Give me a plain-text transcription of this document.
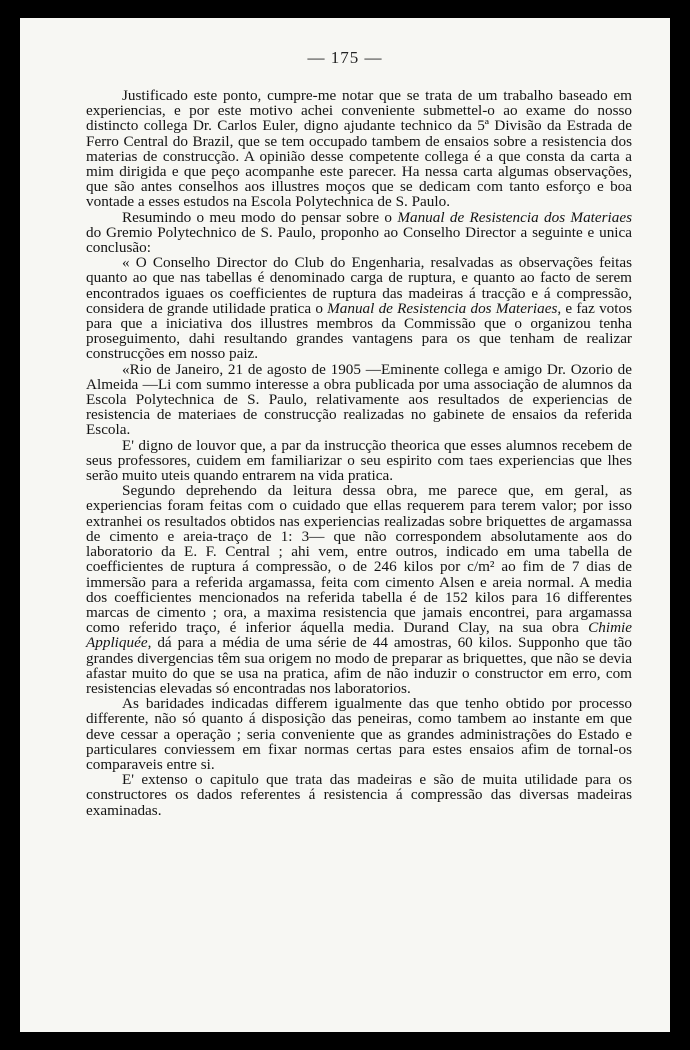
— 175 —

Justificado este ponto, cumpre-me notar que se trata de um trabalho baseado em experiencias, e por este motivo achei conveniente submettel-o ao exame do nosso distincto collega Dr. Carlos Euler, digno ajudante technico da 5ª Divisão da Estrada de Ferro Central do Brazil, que se tem occupado tambem de ensaios sobre a resistencia dos materias de construcção. A opinião desse competente collega é a que consta da carta a mim dirigida e que peço acompanhe este parecer. Ha nessa carta algumas observações, que são antes conselhos aos illustres moços que se dedicam com tanto esforço e boa vontade a esses estudos na Escola Polytechnica de S. Paulo.

Resumindo o meu modo do pensar sobre o Manual de Resistencia dos Materiaes do Gremio Polytechnico de S. Paulo, proponho ao Conselho Director a seguinte e unica conclusão:

« O Conselho Director do Club do Engenharia, resalvadas as observações feitas quanto ao que nas tabellas é denominado carga de ruptura, e quanto ao facto de serem encontrados iguaes os coefficientes de ruptura das madeiras á tracção e á compressão, considera de grande utilidade pratica o Manual de Resistencia dos Materiaes, e faz votos para que a iniciativa dos illustres membros da Commissão que o organizou tenha proseguimento, dahi resultando grandes vantagens para os que tenham de realizar construcções em nosso paiz.

«Rio de Janeiro, 21 de agosto de 1905 —Eminente collega e amigo Dr. Ozorio de Almeida —Li com summo interesse a obra publicada por uma associação de alumnos da Escola Polytechnica de S. Paulo, relativamente aos resultados de experiencias de resistencia de materiaes de construcção realizadas no gabinete de ensaios da referida Escola.

E' digno de louvor que, a par da instrucção theorica que esses alumnos recebem de seus professores, cuidem em familiarizar o seu espirito com taes experiencias que lhes serão muito uteis quando entrarem na vida pratica.

Segundo deprehendo da leitura dessa obra, me parece que, em geral, as experiencias foram feitas com o cuidado que ellas requerem para terem valor; por isso extranhei os resultados obtidos nas experiencias realizadas sobre briquettes de argamassa de cimento e areia-traço de 1: 3— que não correspondem absolutamente aos do laboratorio da E. F. Central ; ahi vem, entre outros, indicado em uma tabella de coefficientes de ruptura á compressão, o de 246 kilos por c/m² ao fim de 7 dias de immersão para a referida argamassa, feita com cimento Alsen e areia normal. A media dos coefficientes mencionados na referida tabella é de 152 kilos para 16 differentes marcas de cimento ; ora, a maxima resistencia que jamais encontrei, para argamassa como referido traço, é inferior áquella media. Durand Clay, na sua obra Chimie Appliquée, dá para a média de uma série de 44 amostras, 60 kilos. Supponho que tão grandes divergencias têm sua origem no modo de preparar as briquettes, que não se devia afastar muito do que se usa na pratica, afim de não induzir o constructor em erro, com resistencias elevadas só encontradas nos laboratorios.

As baridades indicadas differem igualmente das que tenho obtido por processo differente, não só quanto á disposição das peneiras, como tambem ao instante em que deve cessar a operação ; seria conveniente que as grandes administrações do Estado e particulares conviessem em fixar normas certas para estes ensaios afim de tornal-os comparaveis entre si.

E' extenso o capitulo que trata das madeiras e são de muita utilidade para os constructores os dados referentes á resistencia á compressão das diversas madeiras examinadas.
